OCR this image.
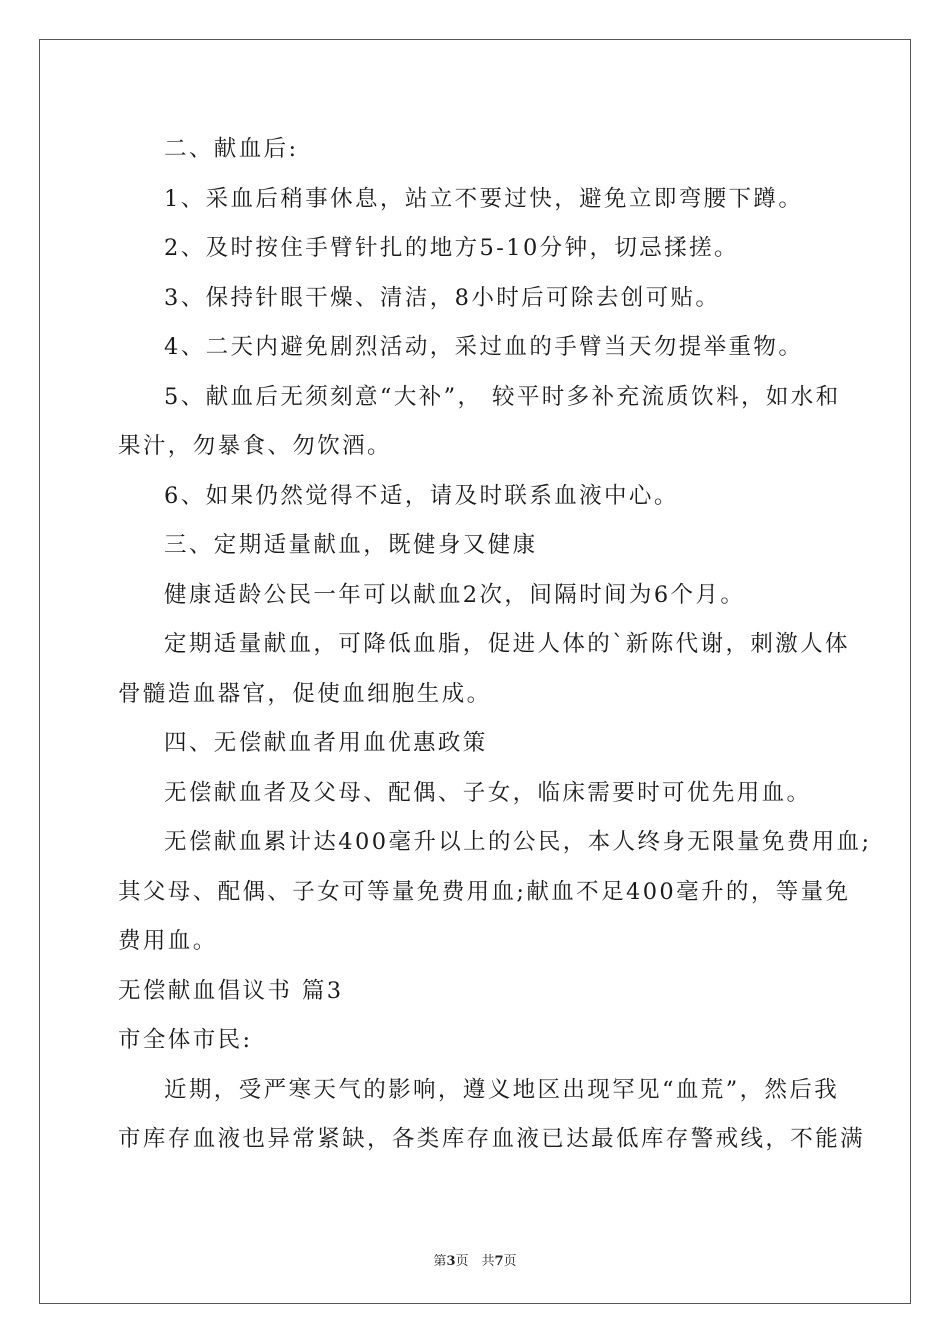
二、献血后:
1、采血后稍事休息，站立不要过快，避免立即弯腰下蹲。
2、及时按住手臂针扎的地方5-10分钟，切忌揉搓。
3、保持针眼干燥、清洁，8小时后可除去创可贴。
4、二天内避免剧烈活动，采过血的手臂当天勿提举重物。
5、献血后无须刻意“大补”， 较平时多补充流质饮料，如水和
果汁，勿暴食、勿饮酒。
6、如果仍然觉得不适，请及时联系血液中心。
三、定期适量献血，既健身又健康
健康适龄公民一年可以献血2次，间隔时间为6个月。
定期适量献血，可降低血脂，促进人体的`新陈代谢，刺激人体
骨髓造血器官，促使血细胞生成。
四、无偿献血者用血优惠政策
无偿献血者及父母、配偶、子女，临床需要时可优先用血。
无偿献血累计达400毫升以上的公民，本人终身无限量免费用血;
其父母、配偶、子女可等量免费用血;献血不足400毫升的，等量免
费用血。
无偿献血倡议书 篇3
市全体市民:
近期，受严寒天气的影响，遵义地区出现罕见“血荒”，然后我
市库存血液也异常紧缺，各类库存血液已达最低库存警戒线，不能满
第3页　共7页
